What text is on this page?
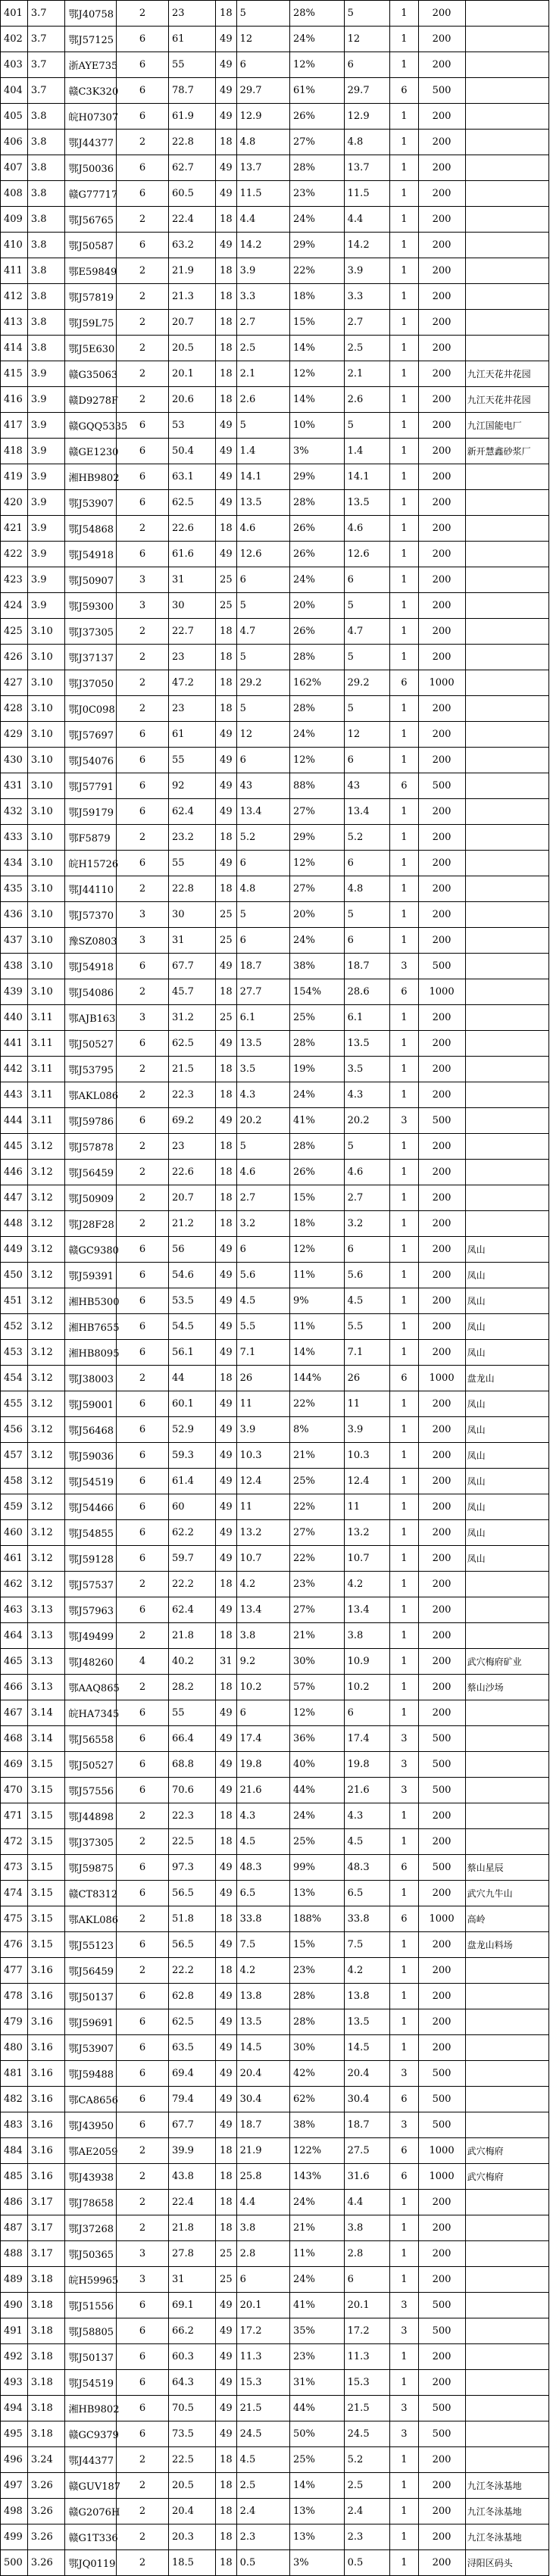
401	3.7	鄂J40758	2	23	18	5	28%	5	1	200	
402	3.7	鄂J57125	6	61	49	12	24%	12	1	200	
403	3.7	浙AYE735	6	55	49	6	12%	6	1	200	
404	3.7	赣C3K320	6	78.7	49	29.7	61%	29.7	6	500	
405	3.8	皖H07307	6	61.9	49	12.9	26%	12.9	1	200	
406	3.8	鄂J44377	2	22.8	18	4.8	27%	4.8	1	200	
407	3.8	鄂J50036	6	62.7	49	13.7	28%	13.7	1	200	
408	3.8	赣G77717	6	60.5	49	11.5	23%	11.5	1	200	
409	3.8	鄂J56765	2	22.4	18	4.4	24%	4.4	1	200	
410	3.8	鄂J50587	6	63.2	49	14.2	29%	14.2	1	200	
411	3.8	鄂E59849	2	21.9	18	3.9	22%	3.9	1	200	
412	3.8	鄂J57819	2	21.3	18	3.3	18%	3.3	1	200	
413	3.8	鄂J59L75	2	20.7	18	2.7	15%	2.7	1	200	
414	3.8	鄂J5E630	2	20.5	18	2.5	14%	2.5	1	200	
415	3.9	赣G35063	2	20.1	18	2.1	12%	2.1	1	200	九江天花井花园
416	3.9	赣D9278F	2	20.6	18	2.6	14%	2.6	1	200	九江天花井花园
417	3.9	赣GQQ5335	6	53	49	5	10%	5	1	200	九江国能电厂
418	3.9	赣GE1230	6	50.4	49	1.4	3%	1.4	1	200	新开慧鑫砂浆厂
419	3.9	湘HB9802	6	63.1	49	14.1	29%	14.1	1	200	
420	3.9	鄂J53907	6	62.5	49	13.5	28%	13.5	1	200	
421	3.9	鄂J54868	2	22.6	18	4.6	26%	4.6	1	200	
422	3.9	鄂J54918	6	61.6	49	12.6	26%	12.6	1	200	
423	3.9	鄂J50907	3	31	25	6	24%	6	1	200	
424	3.9	鄂J59300	3	30	25	5	20%	5	1	200	
425	3.10	鄂J37305	2	22.7	18	4.7	26%	4.7	1	200	
426	3.10	鄂J37137	2	23	18	5	28%	5	1	200	
427	3.10	鄂J37050	2	47.2	18	29.2	162%	29.2	6	1000	
428	3.10	鄂J0C098	2	23	18	5	28%	5	1	200	
429	3.10	鄂J57697	6	61	49	12	24%	12	1	200	
430	3.10	鄂J54076	6	55	49	6	12%	6	1	200	
431	3.10	鄂J57791	6	92	49	43	88%	43	6	500	
432	3.10	鄂J59179	6	62.4	49	13.4	27%	13.4	1	200	
433	3.10	鄂F5879	2	23.2	18	5.2	29%	5.2	1	200	
434	3.10	皖H15726	6	55	49	6	12%	6	1	200	
435	3.10	鄂J44110	2	22.8	18	4.8	27%	4.8	1	200	
436	3.10	鄂J57370	3	30	25	5	20%	5	1	200	
437	3.10	豫SZ0803	3	31	25	6	24%	6	1	200	
438	3.10	鄂J54918	6	67.7	49	18.7	38%	18.7	3	500	
439	3.10	鄂J54086	2	45.7	18	27.7	154%	28.6	6	1000	
440	3.11	鄂AJB163	3	31.2	25	6.1	25%	6.1	1	200	
441	3.11	鄂J50527	6	62.5	49	13.5	28%	13.5	1	200	
442	3.11	鄂J53795	2	21.5	18	3.5	19%	3.5	1	200	
443	3.11	鄂AKL086	2	22.3	18	4.3	24%	4.3	1	200	
444	3.11	鄂J59786	6	69.2	49	20.2	41%	20.2	3	500	
445	3.12	鄂J57878	2	23	18	5	28%	5	1	200	
446	3.12	鄂J56459	2	22.6	18	4.6	26%	4.6	1	200	
447	3.12	鄂J50909	2	20.7	18	2.7	15%	2.7	1	200	
448	3.12	鄂J28F28	2	21.2	18	3.2	18%	3.2	1	200	
449	3.12	赣GC9380	6	56	49	6	12%	6	1	200	凤山
450	3.12	鄂J59391	6	54.6	49	5.6	11%	5.6	1	200	凤山
451	3.12	湘HB5300	6	53.5	49	4.5	9%	4.5	1	200	凤山
452	3.12	湘HB7655	6	54.5	49	5.5	11%	5.5	1	200	凤山
453	3.12	湘HB8095	6	56.1	49	7.1	14%	7.1	1	200	凤山
454	3.12	鄂J38003	2	44	18	26	144%	26	6	1000	盘龙山
455	3.12	鄂J59001	6	60.1	49	11	22%	11	1	200	凤山
456	3.12	鄂J56468	6	52.9	49	3.9	8%	3.9	1	200	凤山
457	3.12	鄂J59036	6	59.3	49	10.3	21%	10.3	1	200	凤山
458	3.12	鄂J54519	6	61.4	49	12.4	25%	12.4	1	200	凤山
459	3.12	鄂J54466	6	60	49	11	22%	11	1	200	凤山
460	3.12	鄂J54855	6	62.2	49	13.2	27%	13.2	1	200	凤山
461	3.12	鄂J59128	6	59.7	49	10.7	22%	10.7	1	200	凤山
462	3.12	鄂J57537	2	22.2	18	4.2	23%	4.2	1	200	
463	3.13	鄂J57963	6	62.4	49	13.4	27%	13.4	1	200	
464	3.13	鄂J49499	2	21.8	18	3.8	21%	3.8	1	200	
465	3.13	鄂J48260	4	40.2	31	9.2	30%	10.9	1	200	武穴梅府矿业
466	3.13	鄂AAQ865	2	28.2	18	10.2	57%	10.2	1	200	蔡山沙场
467	3.14	皖HA7345	6	55	49	6	12%	6	1	200	
468	3.14	鄂J56558	6	66.4	49	17.4	36%	17.4	3	500	
469	3.15	鄂J50527	6	68.8	49	19.8	40%	19.8	3	500	
470	3.15	鄂J57556	6	70.6	49	21.6	44%	21.6	3	500	
471	3.15	鄂J44898	2	22.3	18	4.3	24%	4.3	1	200	
472	3.15	鄂J37305	2	22.5	18	4.5	25%	4.5	1	200	
473	3.15	鄂J59875	6	97.3	49	48.3	99%	48.3	6	500	蔡山星辰
474	3.15	赣CT8312	6	56.5	49	6.5	13%	6.5	1	200	武穴九牛山
475	3.15	鄂AKL086	2	51.8	18	33.8	188%	33.8	6	1000	高岭
476	3.15	鄂J55123	6	56.5	49	7.5	15%	7.5	1	200	盘龙山料场
477	3.16	鄂J56459	2	22.2	18	4.2	23%	4.2	1	200	
478	3.16	鄂J50137	6	62.8	49	13.8	28%	13.8	1	200	
479	3.16	鄂J59691	6	62.5	49	13.5	28%	13.5	1	200	
480	3.16	鄂J53907	6	63.5	49	14.5	30%	14.5	1	200	
481	3.16	鄂J59488	6	69.4	49	20.4	42%	20.4	3	500	
482	3.16	鄂CA8656	6	79.4	49	30.4	62%	30.4	6	500	
483	3.16	鄂J43950	6	67.7	49	18.7	38%	18.7	3	500	
484	3.16	鄂AE2059	2	39.9	18	21.9	122%	27.5	6	1000	武穴梅府
485	3.16	鄂J43938	2	43.8	18	25.8	143%	31.6	6	1000	武穴梅府
486	3.17	鄂J78658	2	22.4	18	4.4	24%	4.4	1	200	
487	3.17	鄂J37268	2	21.8	18	3.8	21%	3.8	1	200	
488	3.17	鄂J50365	3	27.8	25	2.8	11%	2.8	1	200	
489	3.18	皖H59965	3	31	25	6	24%	6	1	200	
490	3.18	鄂J51556	6	69.1	49	20.1	41%	20.1	3	500	
491	3.18	鄂J58805	6	66.2	49	17.2	35%	17.2	3	500	
492	3.18	鄂J50137	6	60.3	49	11.3	23%	11.3	1	200	
493	3.18	鄂J54519	6	64.3	49	15.3	31%	15.3	1	200	
494	3.18	湘HB9802	6	70.5	49	21.5	44%	21.5	3	500	
495	3.18	赣GC9379	6	73.5	49	24.5	50%	24.5	3	500	
496	3.24	鄂J44377	2	22.5	18	4.5	25%	5.2	1	200	
497	3.26	赣GUV187	2	20.5	18	2.5	14%	2.5	1	200	九江冬泳基地
498	3.26	赣G2076H	2	20.4	18	2.4	13%	2.4	1	200	九江冬泳基地
499	3.26	赣G1T336	2	20.3	18	2.3	13%	2.3	1	200	九江冬泳基地
500	3.26	鄂JQ0119	2	18.5	18	0.5	3%	0.5	1	200	浔阳区码头
